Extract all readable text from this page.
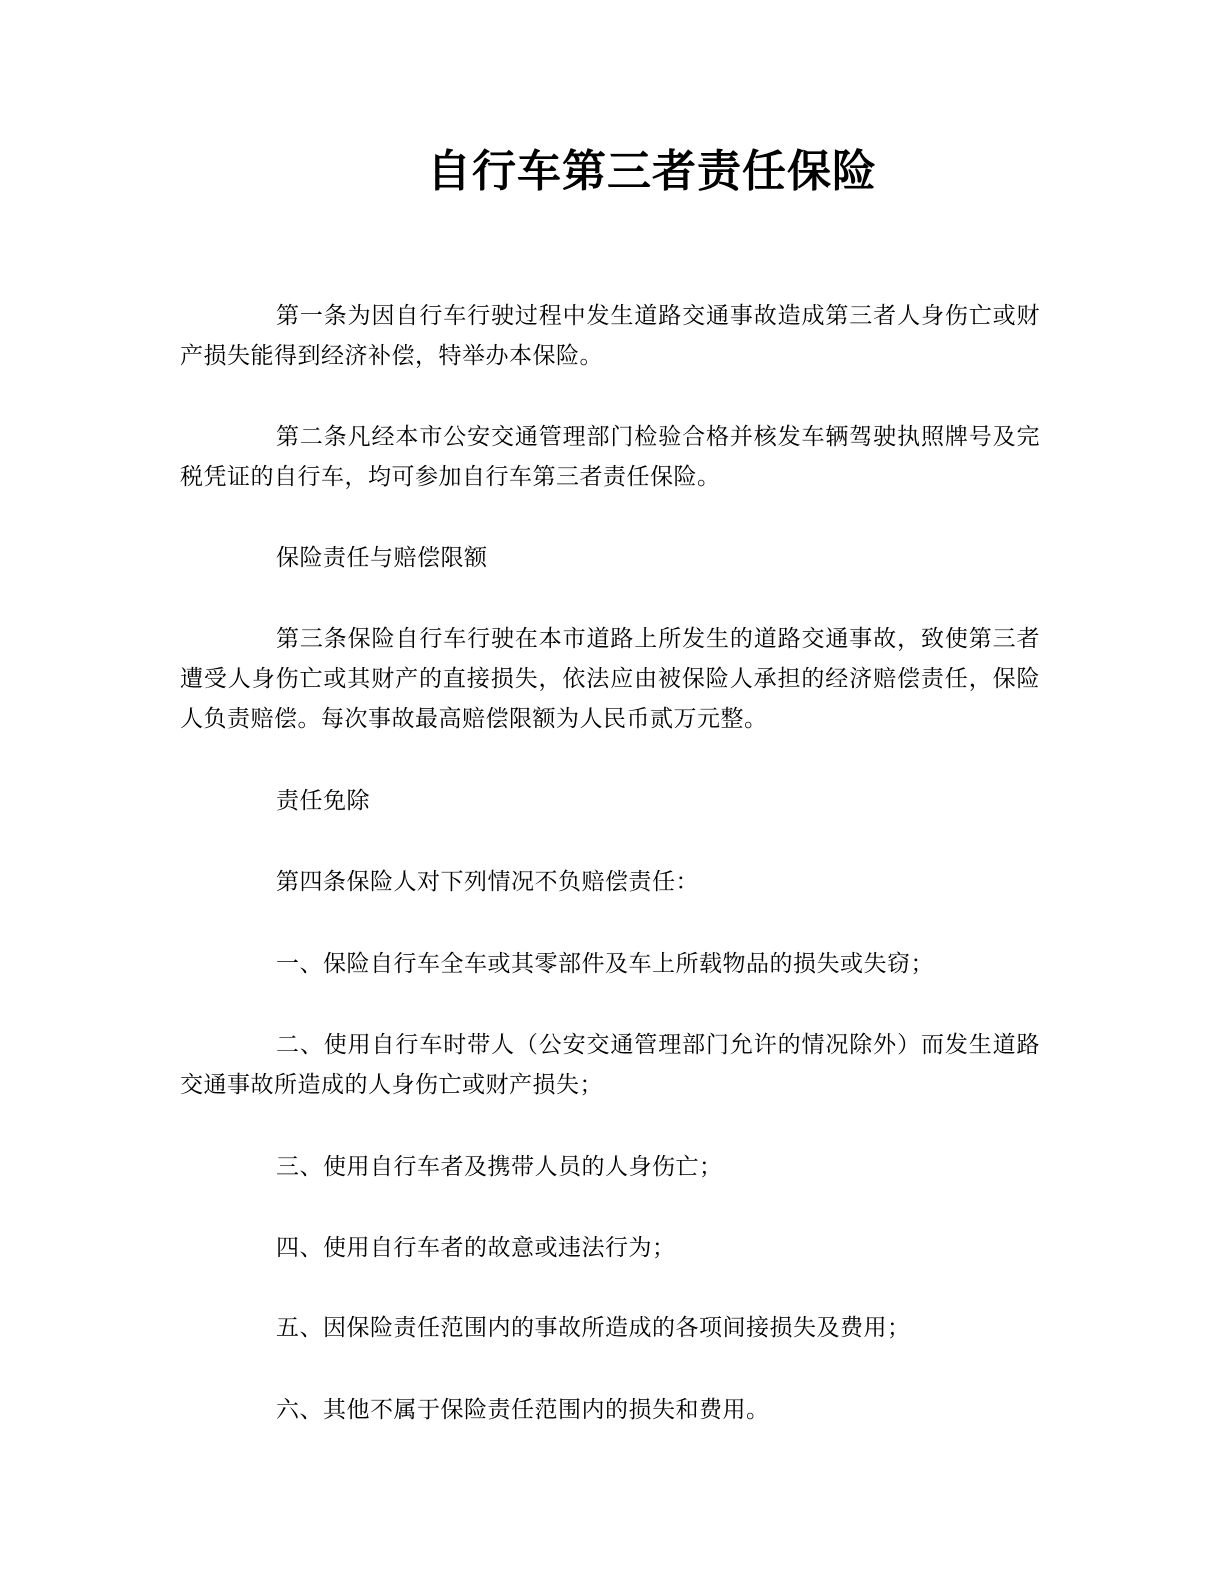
自行车第三者责任保险

第一条为因自行车行驶过程中发生道路交通事故造成第三者人身伤亡或财产损失能得到经济补偿，特举办本保险。

第二条凡经本市公安交通管理部门检验合格并核发车辆驾驶执照牌号及完税凭证的自行车，均可参加自行车第三者责任保险。

保险责任与赔偿限额

第三条保险自行车行驶在本市道路上所发生的道路交通事故，致使第三者遭受人身伤亡或其财产的直接损失，依法应由被保险人承担的经济赔偿责任，保险人负责赔偿。每次事故最高赔偿限额为人民币贰万元整。

责任免除

第四条保险人对下列情况不负赔偿责任：

一、保险自行车全车或其零部件及车上所载物品的损失或失窃；

二、使用自行车时带人（公安交通管理部门允许的情况除外）而发生道路交通事故所造成的人身伤亡或财产损失；

三、使用自行车者及携带人员的人身伤亡；

四、使用自行车者的故意或违法行为；

五、因保险责任范围内的事故所造成的各项间接损失及费用；

六、其他不属于保险责任范围内的损失和费用。
